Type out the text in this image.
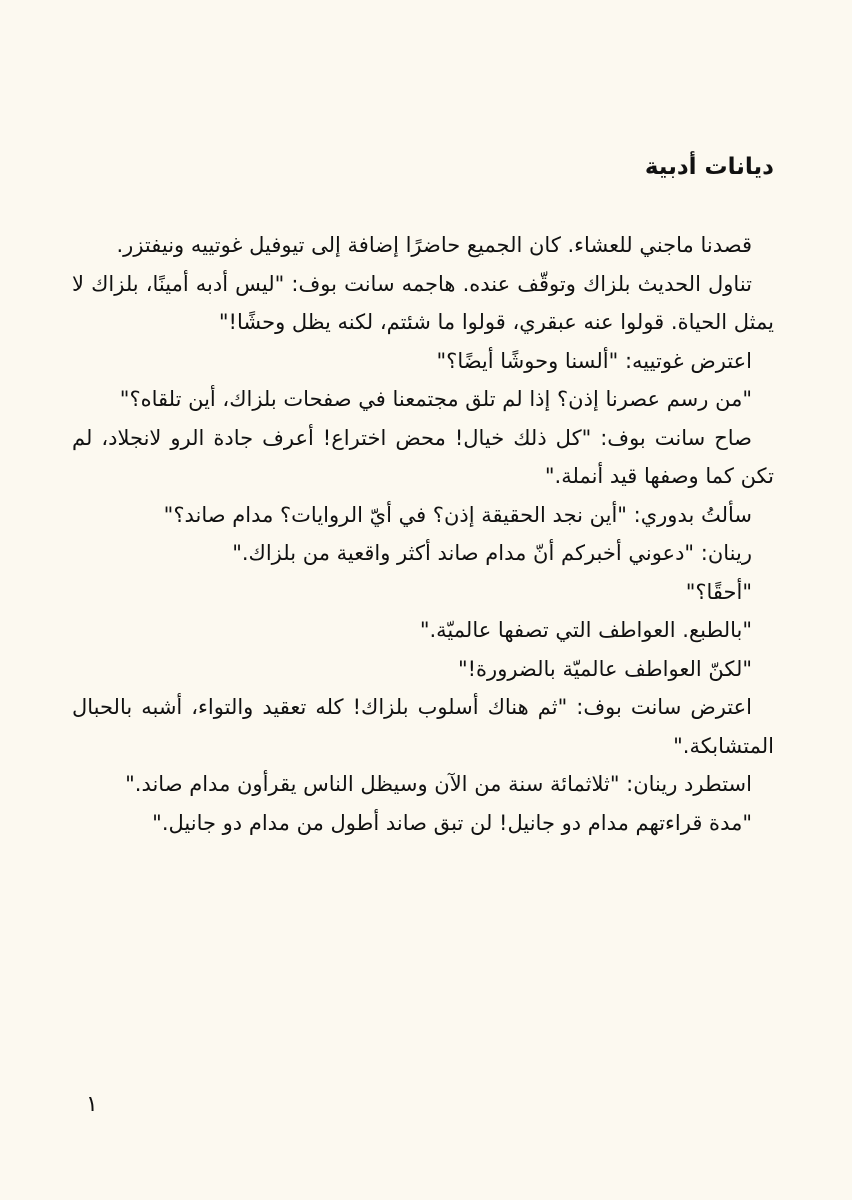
ديانات أدبية

قصدنا ماجني للعشاء. كان الجميع حاضرًا إضافة إلى تيوفيل غوتييه ونيفتزر.

تناول الحديث بلزاك وتوقّف عنده. هاجمه سانت بوف: "ليس أدبه أمينًا، بلزاك لا يمثل الحياة. قولوا عنه عبقري، قولوا ما شئتم، لكنه يظل وحشًا!"

اعترض غوتييه: "ألسنا وحوشًا أيضًا؟"

"من رسم عصرنا إذن؟ إذا لم تلق مجتمعنا في صفحات بلزاك، أين تلقاه؟"

صاح سانت بوف: "كل ذلك خيال! محض اختراع! أعرف جادة الرو لانجلاد، لم تكن كما وصفها قيد أنملة."

سألتُ بدوري: "أين نجد الحقيقة إذن؟ في أيّ الروايات؟ مدام صاند؟"

رينان: "دعوني أخبركم أنّ مدام صاند أكثر واقعية من بلزاك."

"أحقًا؟"

"بالطبع. العواطف التي تصفها عالميّة."

"لكنّ العواطف عالميّة بالضرورة!"

اعترض سانت بوف: "ثم هناك أسلوب بلزاك! كله تعقيد والتواء، أشبه بالحبال المتشابكة."

استطرد رينان: "ثلاثمائة سنة من الآن وسيظل الناس يقرأون مدام صاند."

"مدة قراءتهم مدام دو جانيل! لن تبق صاند أطول من مدام دو جانيل."

١
